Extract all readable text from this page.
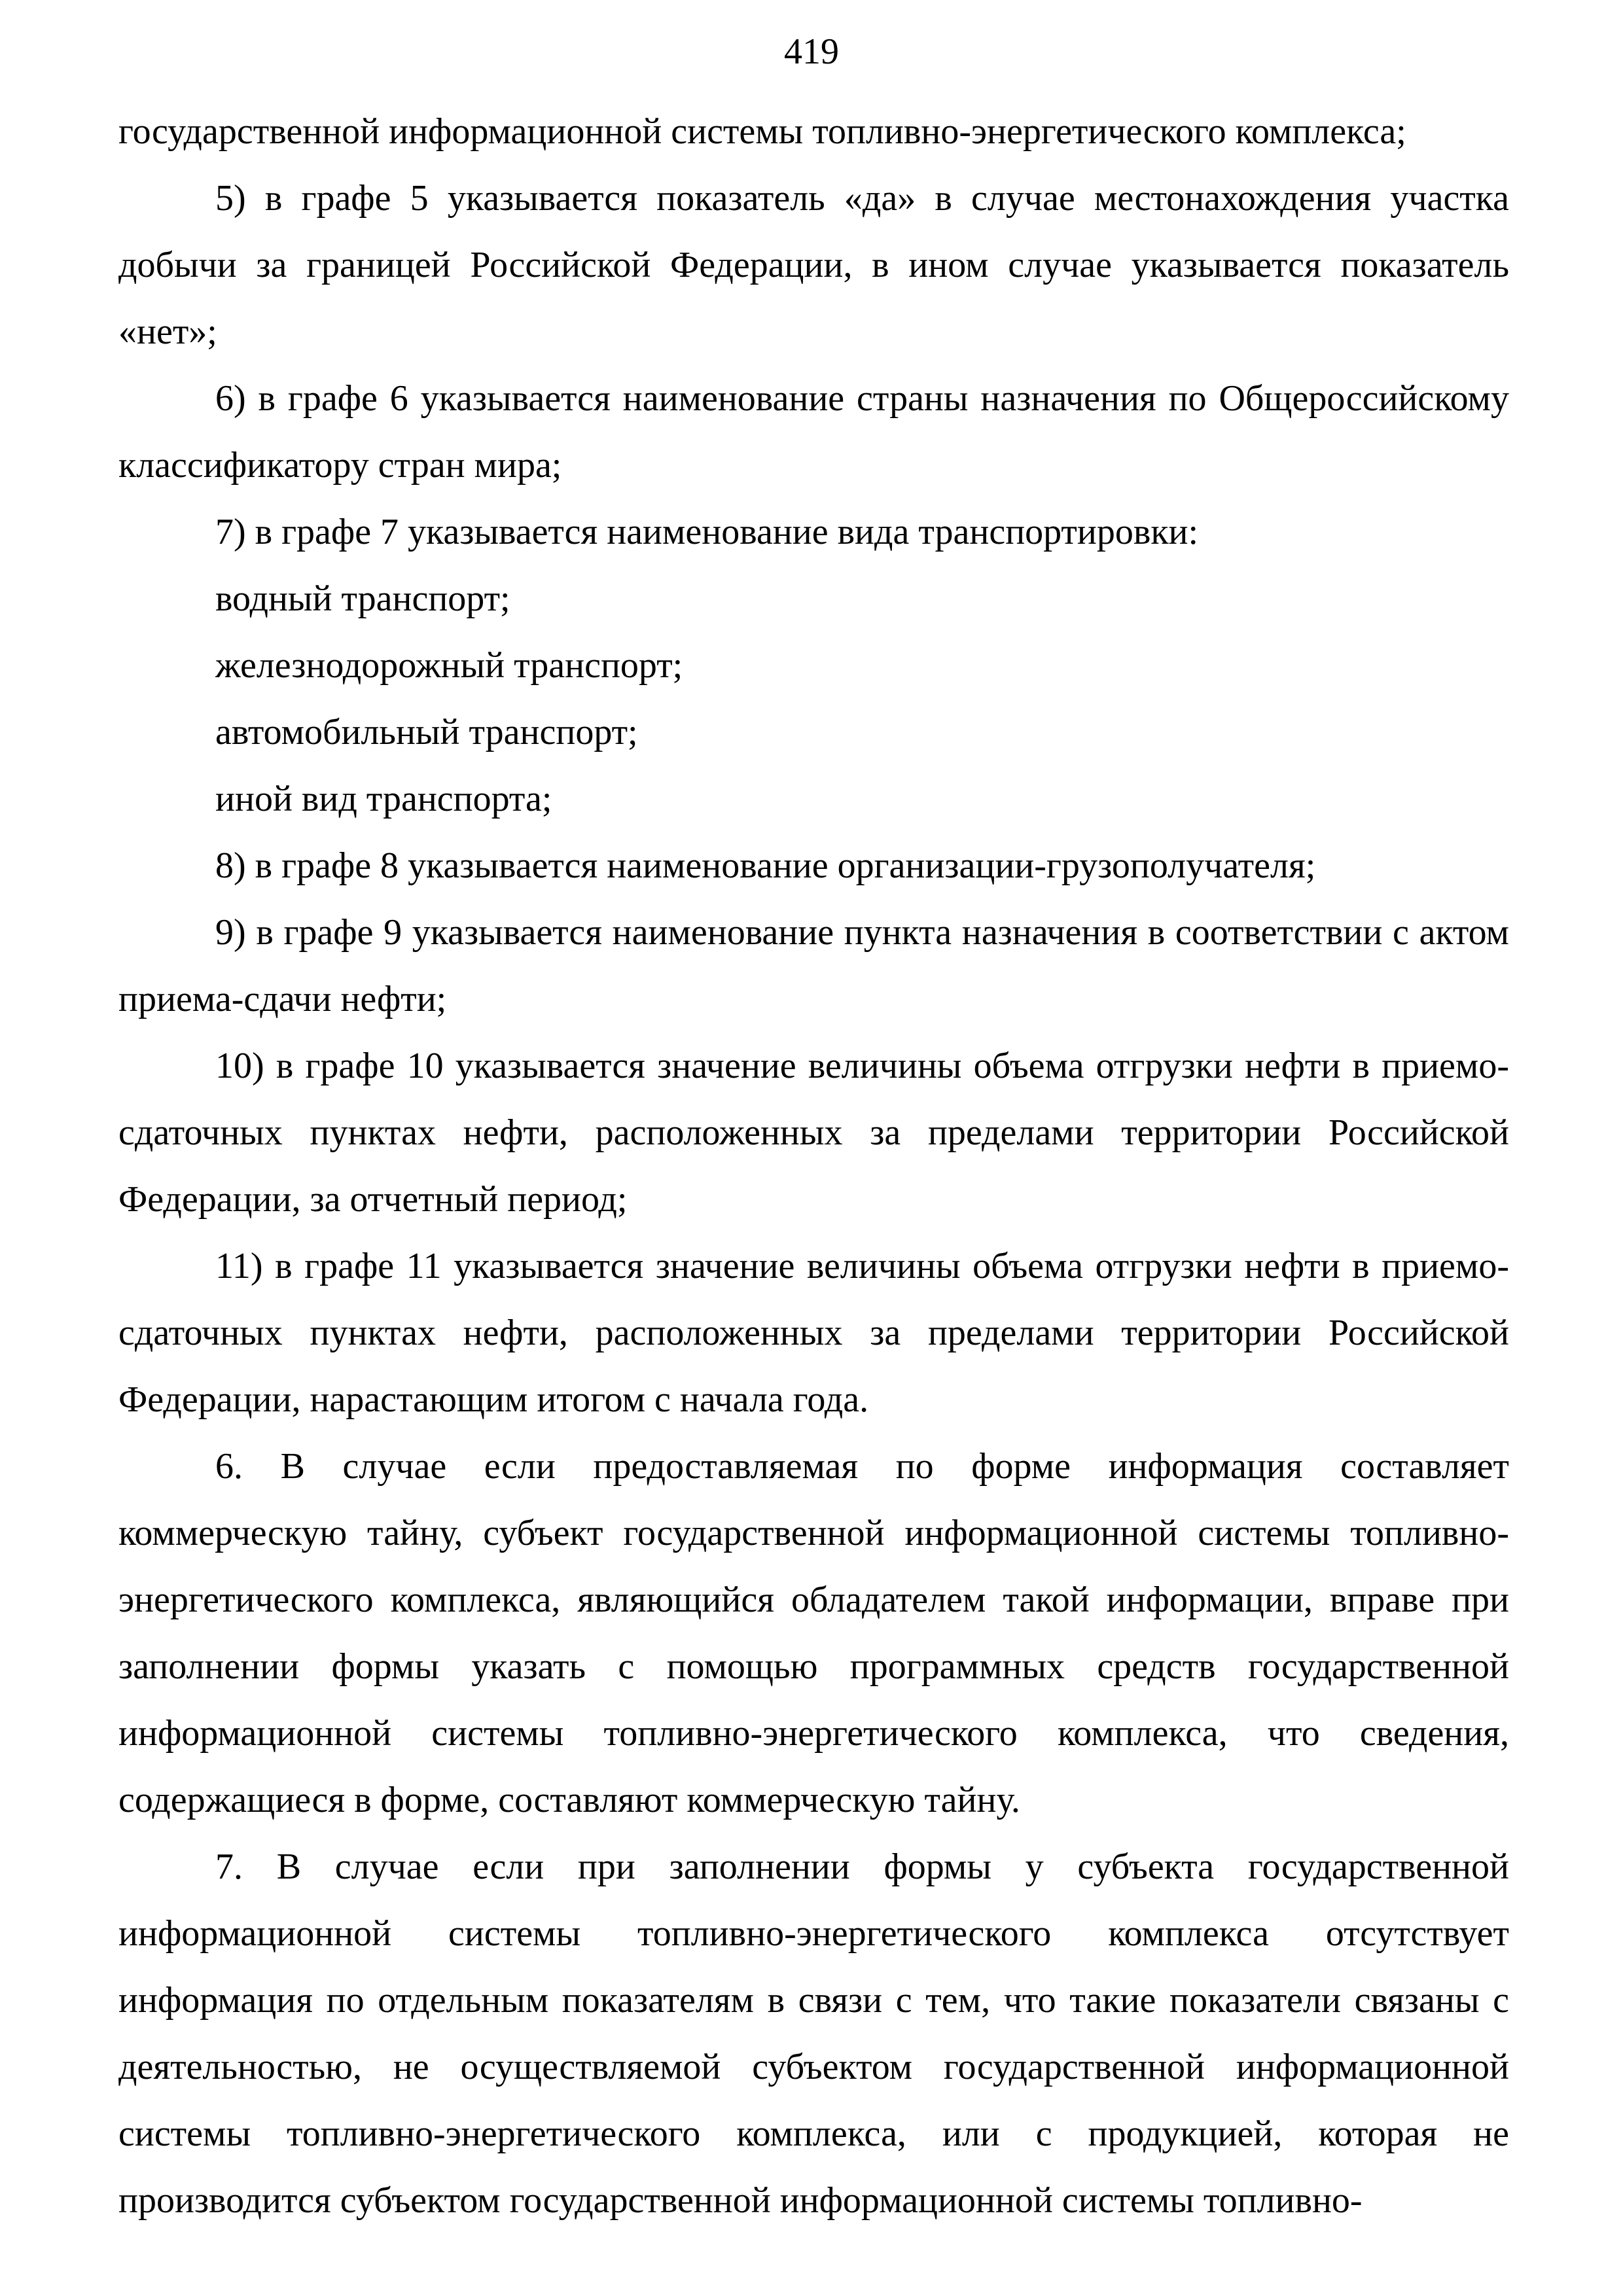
419

государственной информационной системы топливно-энергетического комплекса;

5) в графе 5 указывается показатель «да» в случае местонахождения участка добычи за границей Российской Федерации, в ином случае указывается показатель «нет»;

6) в графе 6 указывается наименование страны назначения по Общероссийскому классификатору стран мира;

7) в графе 7 указывается наименование вида транспортировки:

водный транспорт;

железнодорожный транспорт;

автомобильный транспорт;

иной вид транспорта;

8) в графе 8 указывается наименование организации-грузополучателя;

9) в графе 9 указывается наименование пункта назначения в соответствии с актом приема-сдачи нефти;

10) в графе 10 указывается значение величины объема отгрузки нефти в приемо-сдаточных пунктах нефти, расположенных за пределами территории Российской Федерации, за отчетный период;

11) в графе 11 указывается значение величины объема отгрузки нефти в приемо-сдаточных пунктах нефти, расположенных за пределами территории Российской Федерации, нарастающим итогом с начала года.

6. В случае если предоставляемая по форме информация составляет коммерческую тайну, субъект государственной информационной системы топливно-энергетического комплекса, являющийся обладателем такой информации, вправе при заполнении формы указать с помощью программных средств государственной информационной системы топливно-энергетического комплекса, что сведения, содержащиеся в форме, составляют коммерческую тайну.

7. В случае если при заполнении формы у субъекта государственной информационной системы топливно-энергетического комплекса отсутствует информация по отдельным показателям в связи с тем, что такие показатели связаны с деятельностью, не осуществляемой субъектом государственной информационной системы топливно-энергетического комплекса, или с продукцией, которая не производится субъектом государственной информационной системы топливно-
